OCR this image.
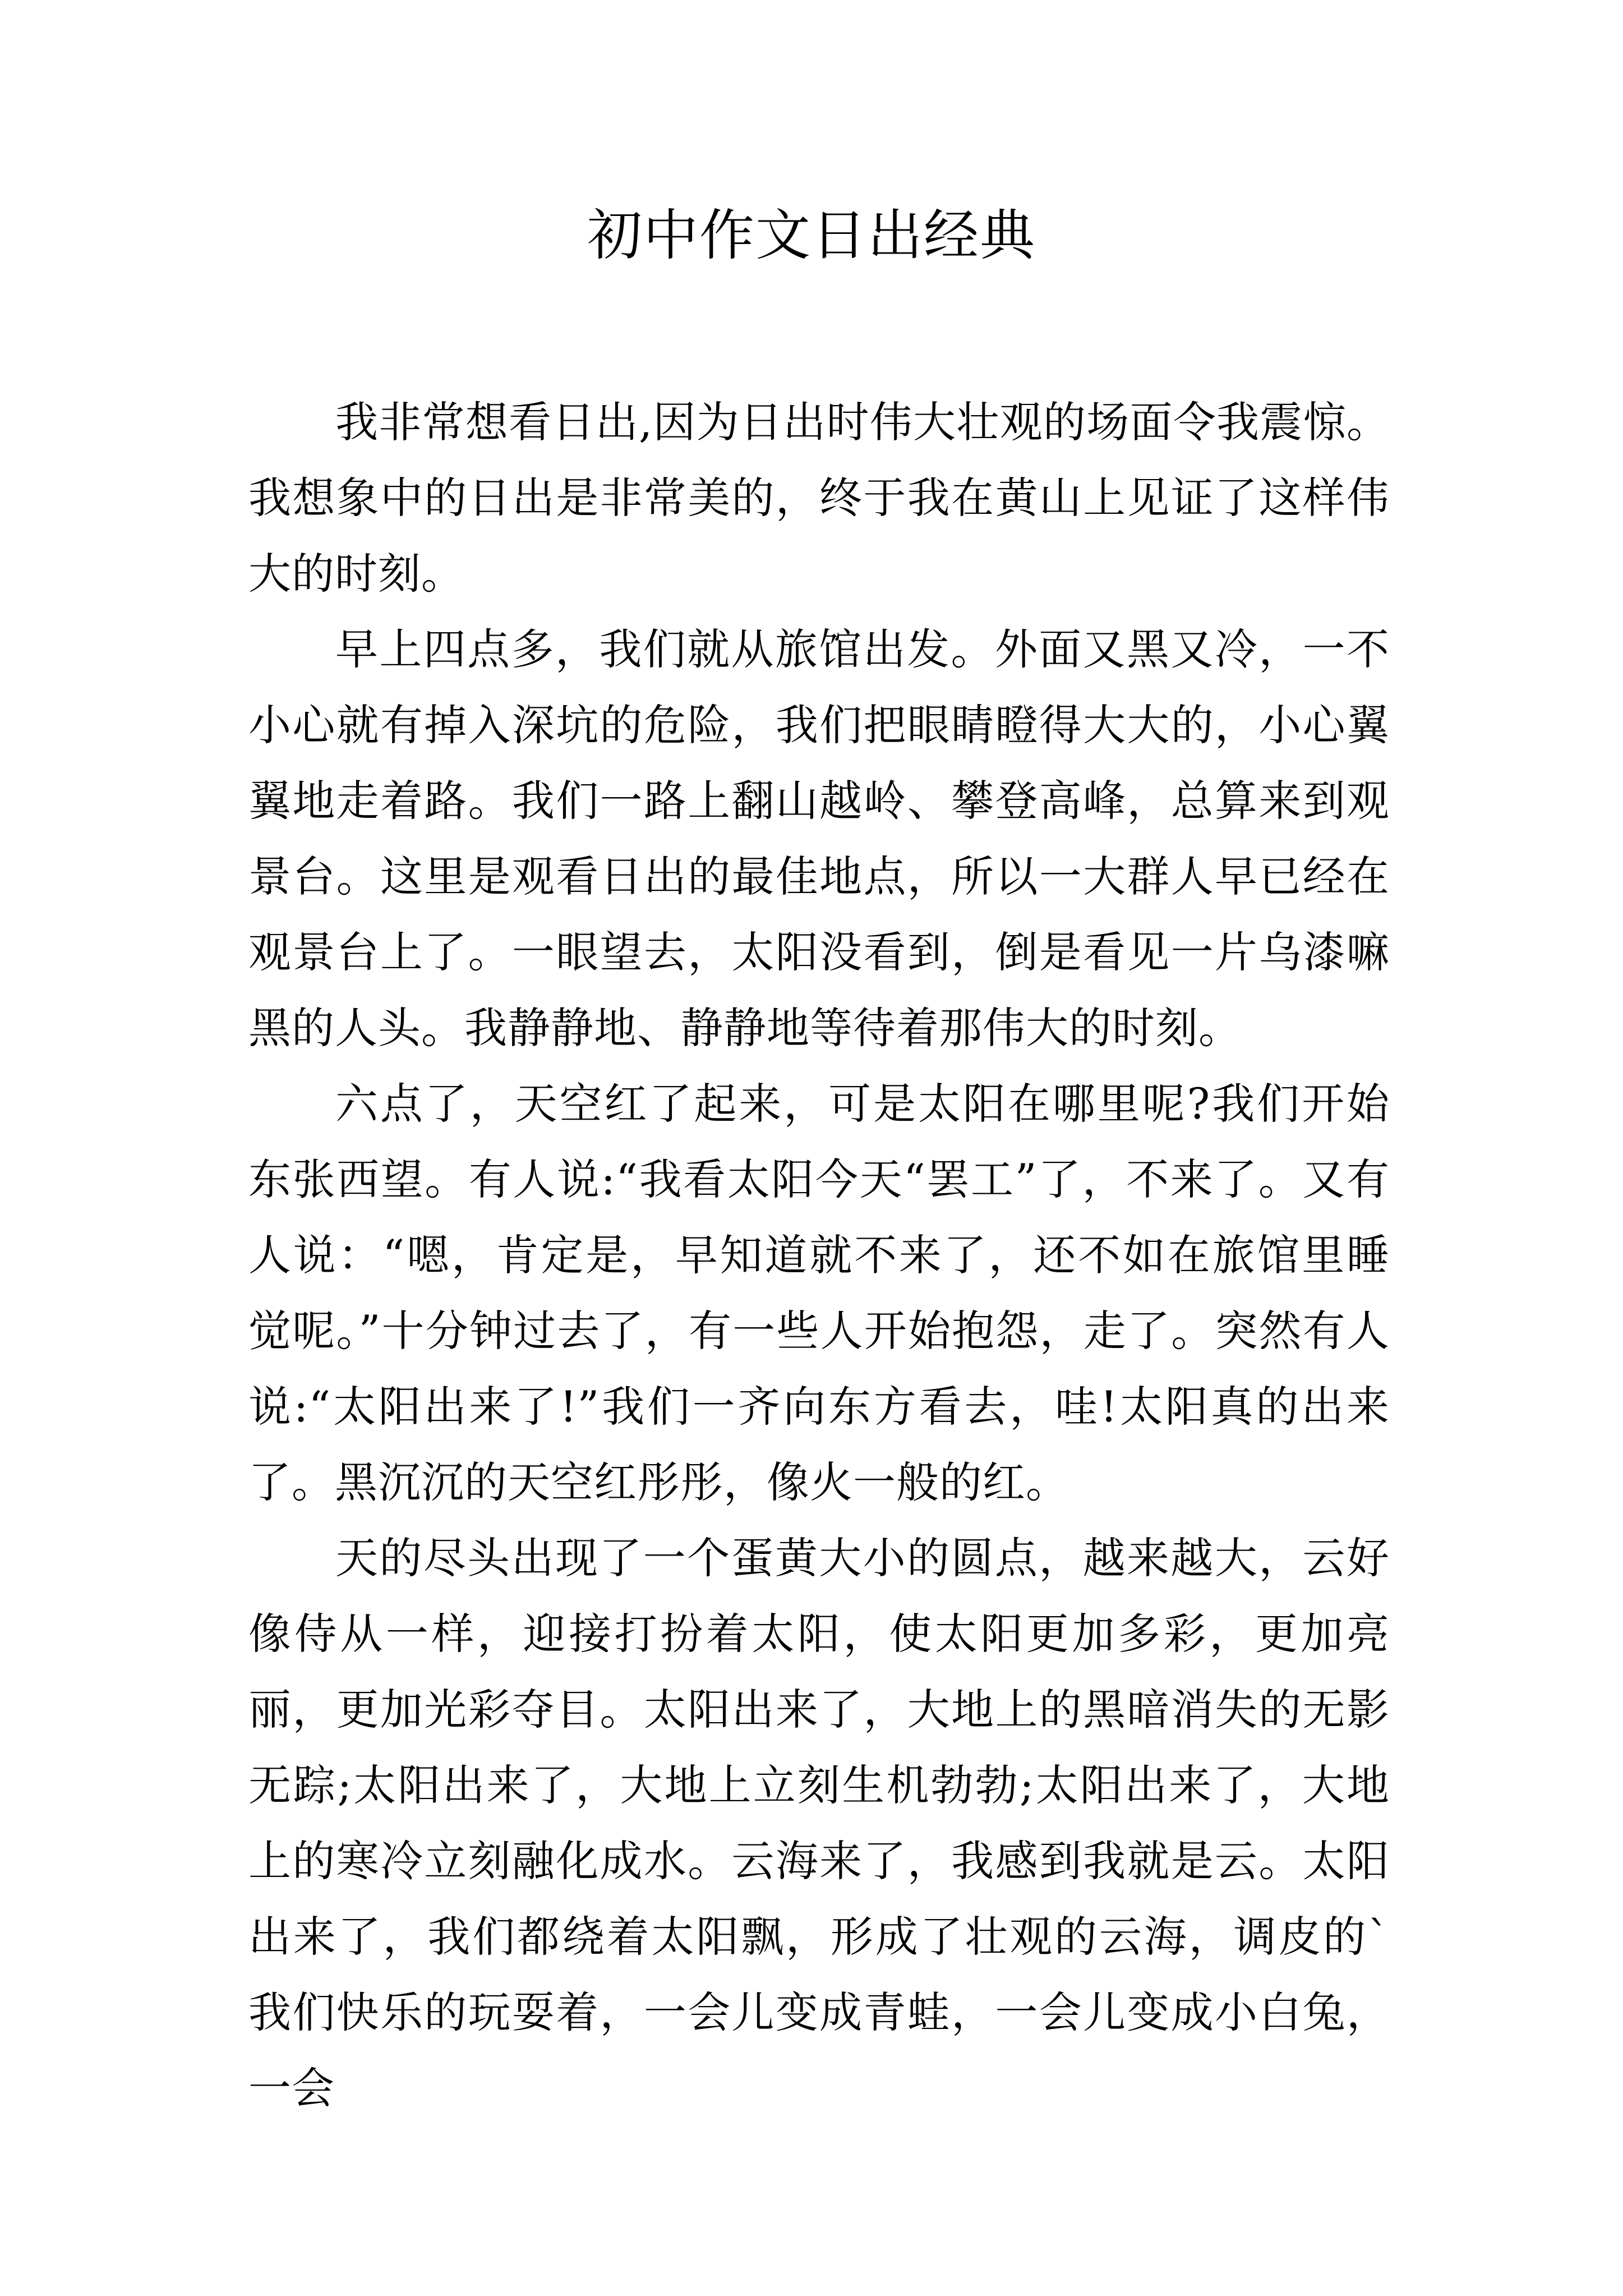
初中作文日出经典

我非常想看日出,因为日出时伟大壮观的场面令我震惊。我想象中的日出是非常美的，终于我在黄山上见证了这样伟大的时刻。

早上四点多，我们就从旅馆出发。外面又黑又冷，一不小心就有掉入深坑的危险，我们把眼睛瞪得大大的，小心翼翼地走着路。我们一路上翻山越岭、攀登高峰，总算来到观景台。这里是观看日出的最佳地点，所以一大群人早已经在观景台上了。一眼望去，太阳没看到，倒是看见一片乌漆嘛黑的人头。我静静地、静静地等待着那伟大的时刻。

六点了，天空红了起来，可是太阳在哪里呢?我们开始东张西望。有人说:“我看太阳今天“罢工”了，不来了。又有人说：“嗯，肯定是，早知道就不来了，还不如在旅馆里睡觉呢。”十分钟过去了，有一些人开始抱怨，走了。突然有人说:“太阳出来了!”我们一齐向东方看去，哇!太阳真的出来了。黑沉沉的天空红彤彤，像火一般的红。

天的尽头出现了一个蛋黄大小的圆点，越来越大，云好像侍从一样，迎接打扮着太阳，使太阳更加多彩，更加亮丽，更加光彩夺目。太阳出来了，大地上的黑暗消失的无影无踪;太阳出来了，大地上立刻生机勃勃;太阳出来了，大地上的寒冷立刻融化成水。云海来了，我感到我就是云。太阳出来了，我们都绕着太阳飘，形成了壮观的云海，调皮的`我们快乐的玩耍着，一会儿变成青蛙，一会儿变成小白兔，一会
